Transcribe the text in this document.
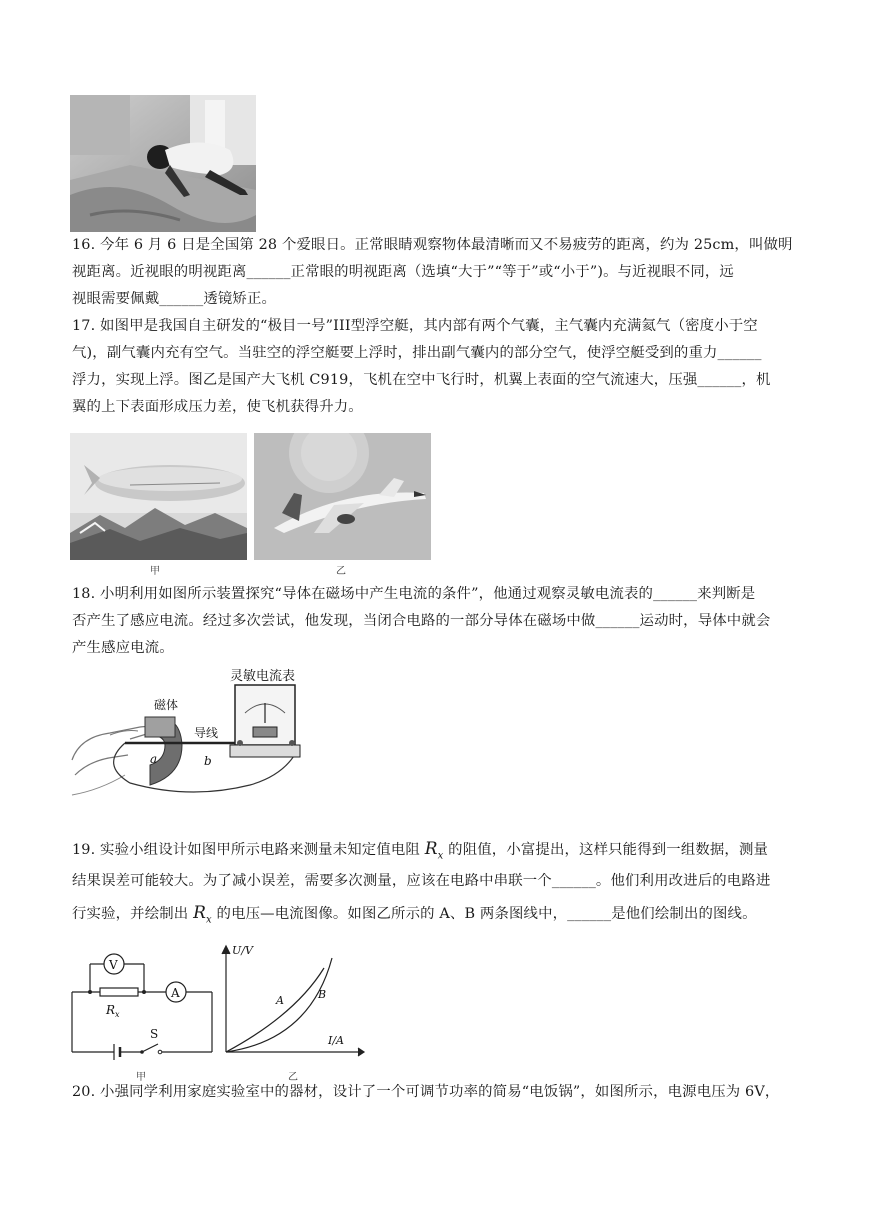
16. 今年 6 月 6 日是全国第 28 个爱眼日。正常眼睛观察物体最清晰而又不易疲劳的距离，约为 25cm，叫做明
视距离。近视眼的明视距离______正常眼的明视距离（选填“大于”“等于”或“小于”)。与近视眼不同，远
视眼需要佩戴______透镜矫正。
17. 如图甲是我国自主研发的“极目一号”III型浮空艇，其内部有两个气囊，主气囊内充满氦气（密度小于空
气)，副气囊内充有空气。当驻空的浮空艇要上浮时，排出副气囊内的部分空气，使浮空艇受到的重力______
浮力，实现上浮。图乙是国产大飞机 C919，飞机在空中飞行时，机翼上表面的空气流速大，压强______，机
翼的上下表面形成压力差，使飞机获得升力。
甲	乙
18. 小明利用如图所示装置探究“导体在磁场中产生电流的条件”，他通过观察灵敏电流表的______来判断是
否产生了感应电流。经过多次尝试，他发现，当闭合电路的一部分导体在磁场中做______运动时，导体中就会
产生感应电流。
灵敏电流表
磁体
导线
a	b
19. 实验小组设计如图甲所示电路来测量未知定值电阻 $R_x$ 的阻值，小富提出，这样只能得到一组数据，测量
结果误差可能较大。为了减小误差，需要多次测量，应该在电路中串联一个______。他们利用改进后的电路进
行实验，并绘制出 $R_x$ 的电压—电流图像。如图乙所示的 A、B 两条图线中，______是他们绘制出的图线。
V
A
$R_x$
S
甲
U/V
I/A
A	B
乙
20. 小强同学利用家庭实验室中的器材，设计了一个可调节功率的简易“电饭锅”，如图所示，电源电压为 6V，
